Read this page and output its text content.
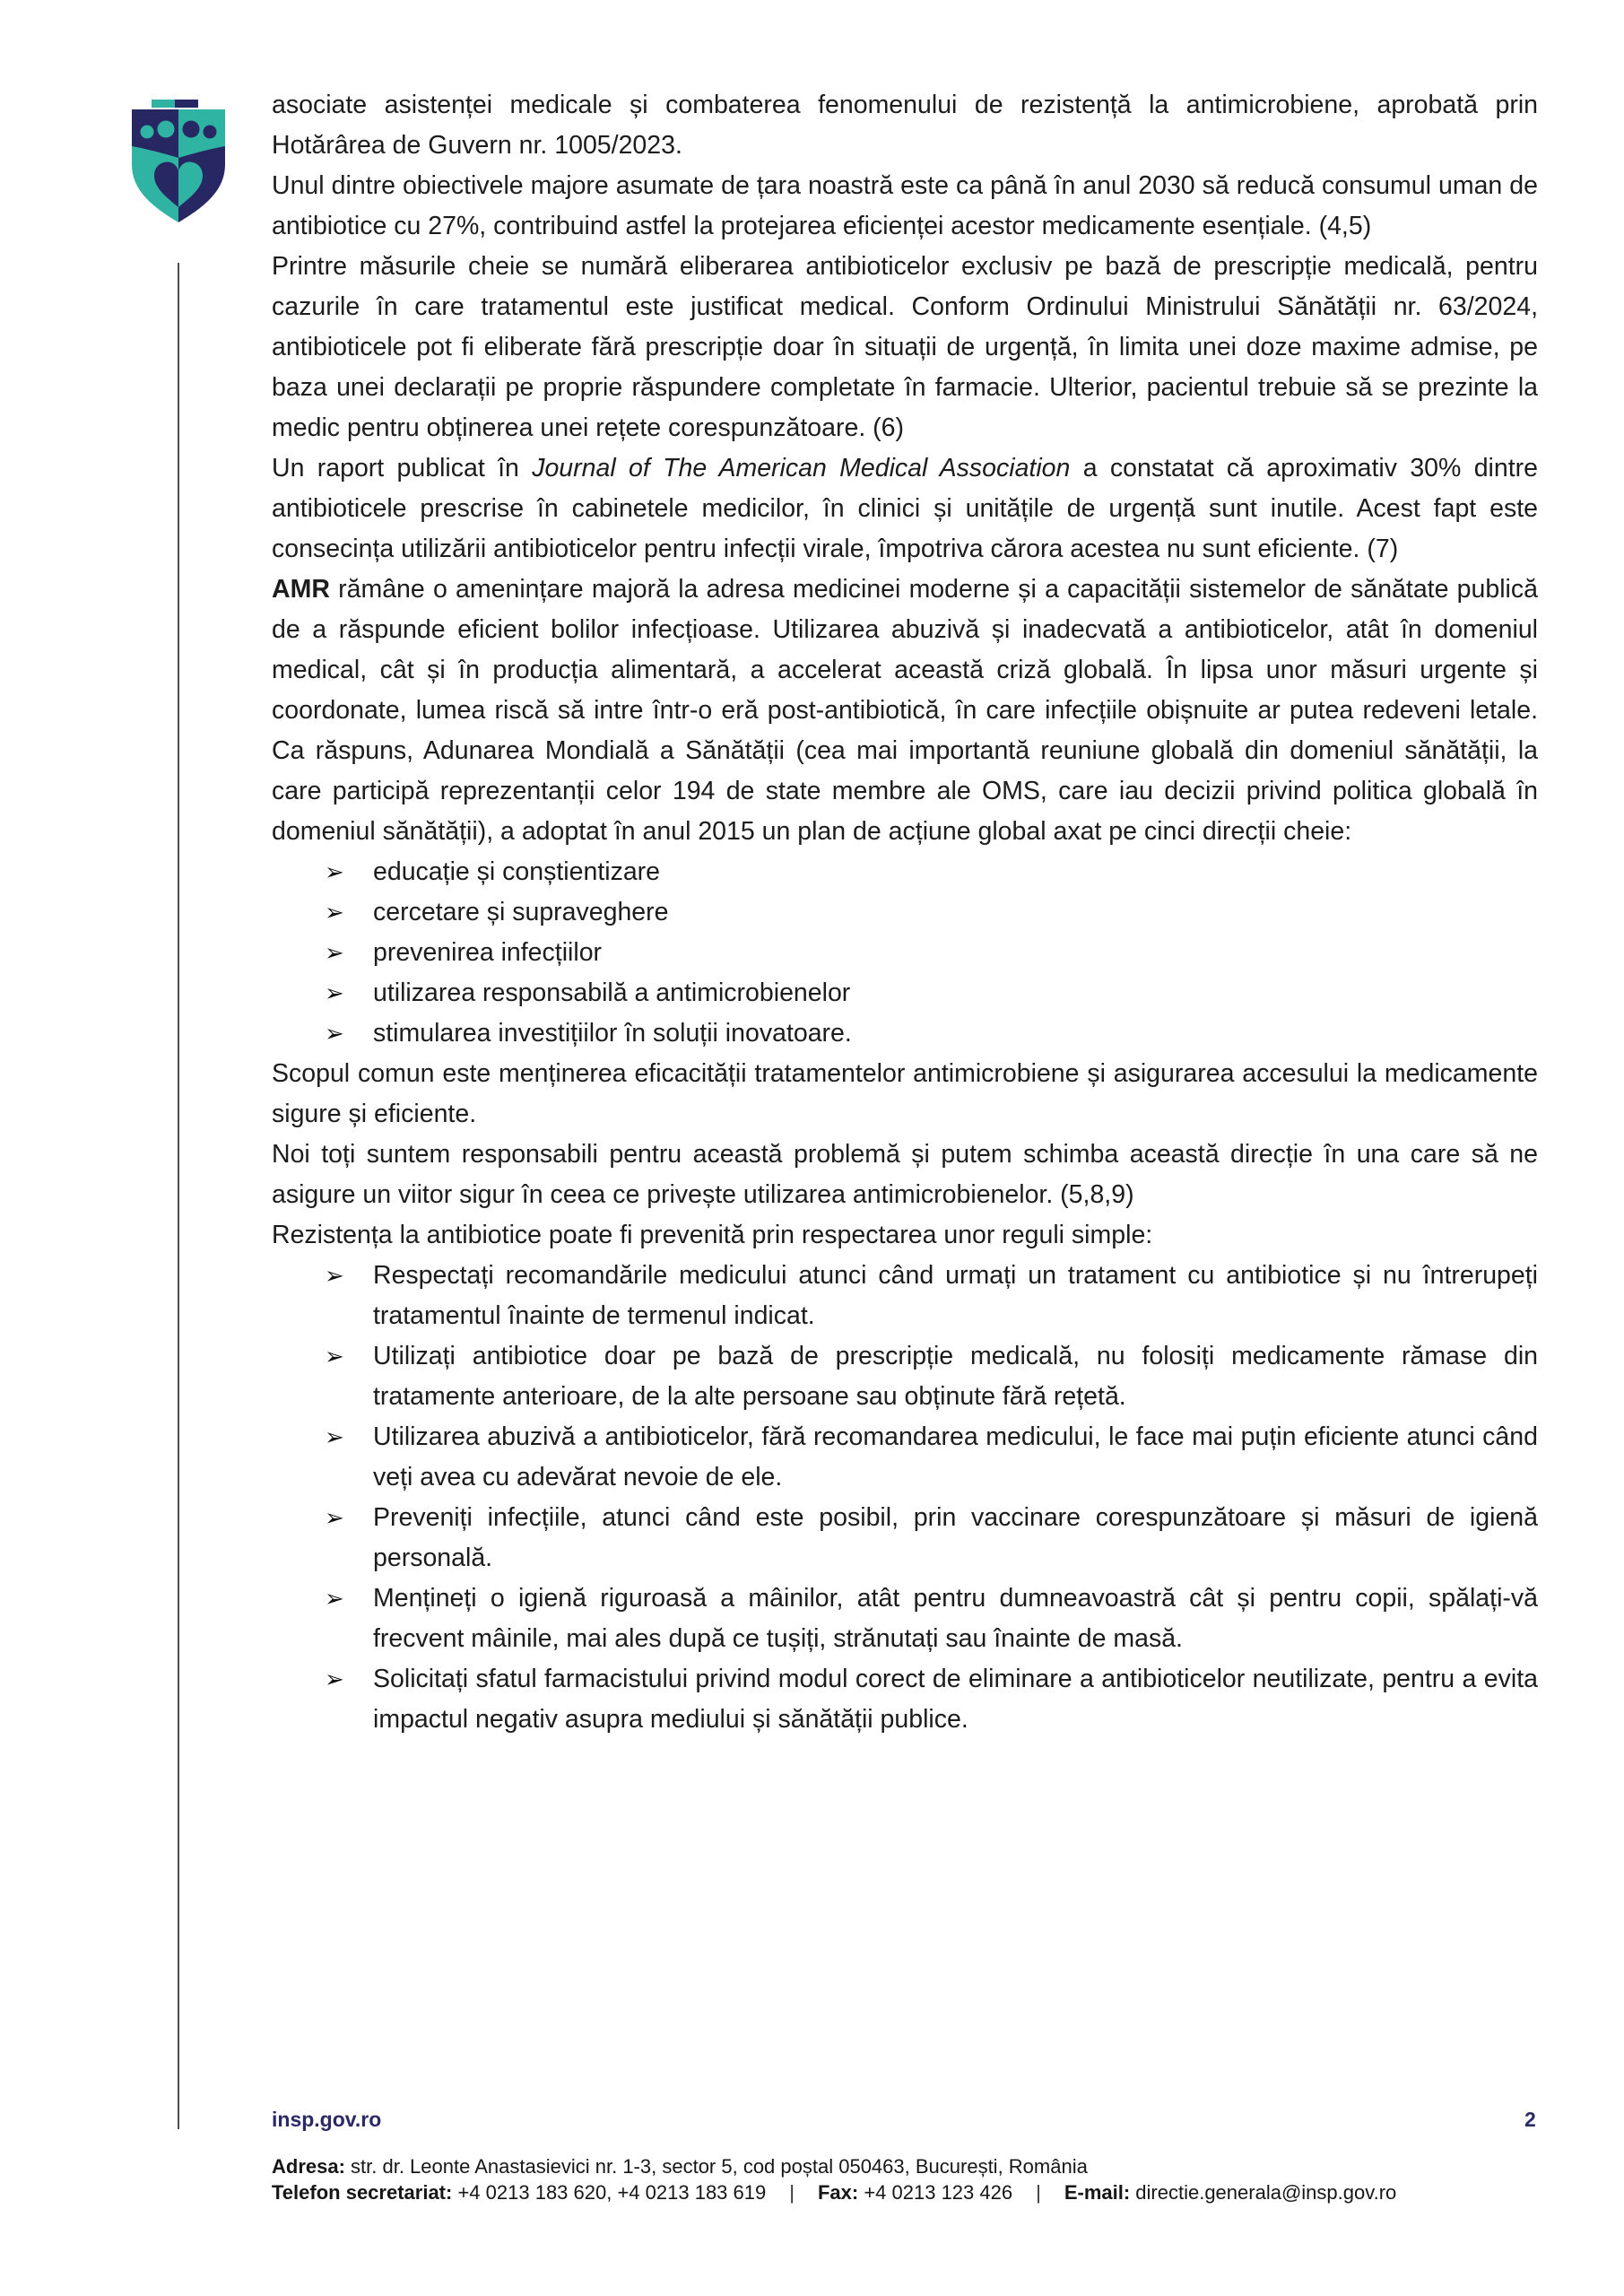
asociate asistenței medicale și combaterea fenomenului de rezistență la antimicrobiene, aprobată prin Hotărârea de Guvern nr. 1005/2023.

Unul dintre obiectivele majore asumate de țara noastră este ca până în anul 2030 să reducă consumul uman de antibiotice cu 27%, contribuind astfel la protejarea eficienței acestor medicamente esențiale. (4,5)

Printre măsurile cheie se numără eliberarea antibioticelor exclusiv pe bază de prescripție medicală, pentru cazurile în care tratamentul este justificat medical. Conform Ordinului Ministrului Sănătății nr. 63/2024, antibioticele pot fi eliberate fără prescripție doar în situații de urgență, în limita unei doze maxime admise, pe baza unei declarații pe proprie răspundere completate în farmacie. Ulterior, pacientul trebuie să se prezinte la medic pentru obținerea unei rețete corespunzătoare. (6)

Un raport publicat în Journal of The American Medical Association a constatat că aproximativ 30% dintre antibioticele prescrise în cabinetele medicilor, în clinici și unitățile de urgență sunt inutile. Acest fapt este consecința utilizării antibioticelor pentru infecții virale, împotriva cărora acestea nu sunt eficiente. (7)

AMR rămâne o amenințare majoră la adresa medicinei moderne și a capacității sistemelor de sănătate publică de a răspunde eficient bolilor infecțioase. Utilizarea abuzivă și inadecvată a antibioticelor, atât în domeniul medical, cât și în producția alimentară, a accelerat această criză globală. În lipsa unor măsuri urgente și coordonate, lumea riscă să intre într-o eră post-antibiotică, în care infecțiile obișnuite ar putea redeveni letale. Ca răspuns, Adunarea Mondială a Sănătății (cea mai importantă reuniune globală din domeniul sănătății, la care participă reprezentanții celor 194 de state membre ale OMS, care iau decizii privind politica globală în domeniul sănătății), a adoptat în anul 2015 un plan de acțiune global axat pe cinci direcții cheie:

➢	educație și conștientizare
➢	cercetare și supraveghere
➢	prevenirea infecțiilor
➢	utilizarea responsabilă a antimicrobienelor
➢	stimularea investițiilor în soluții inovatoare.

Scopul comun este menținerea eficacității tratamentelor antimicrobiene și asigurarea accesului la medicamente sigure și eficiente.

Noi toți suntem responsabili pentru această problemă și putem schimba această direcție în una care să ne asigure un viitor sigur în ceea ce privește utilizarea antimicrobienelor. (5,8,9)

Rezistența la antibiotice poate fi prevenită prin respectarea unor reguli simple:

➢	Respectați recomandările medicului atunci când urmați un tratament cu antibiotice și nu întrerupeți tratamentul înainte de termenul indicat.
➢	Utilizați antibiotice doar pe bază de prescripție medicală, nu folosiți medicamente rămase din tratamente anterioare, de la alte persoane sau obținute fără rețetă.
➢	Utilizarea abuzivă a antibioticelor, fără recomandarea medicului, le face mai puțin eficiente atunci când veți avea cu adevărat nevoie de ele.
➢	Preveniți infecțiile, atunci când este posibil, prin vaccinare corespunzătoare și măsuri de igienă personală.
➢	Mențineți o igienă riguroasă a mâinilor, atât pentru dumneavoastră cât și pentru copii, spălați-vă frecvent mâinile, mai ales după ce tușiți, strănutați sau înainte de masă.
➢	Solicitați sfatul farmacistului privind modul corect de eliminare a antibioticelor neutilizate, pentru a evita impactul negativ asupra mediului și sănătății publice.
insp.gov.ro	2
Adresa: str. dr. Leonte Anastasievici nr. 1-3, sector 5, cod poștal 050463, București, România
Telefon secretariat: +4 0213 183 620, +4 0213 183 619 | Fax: +4 0213 123 426 | E-mail: directie.generala@insp.gov.ro
